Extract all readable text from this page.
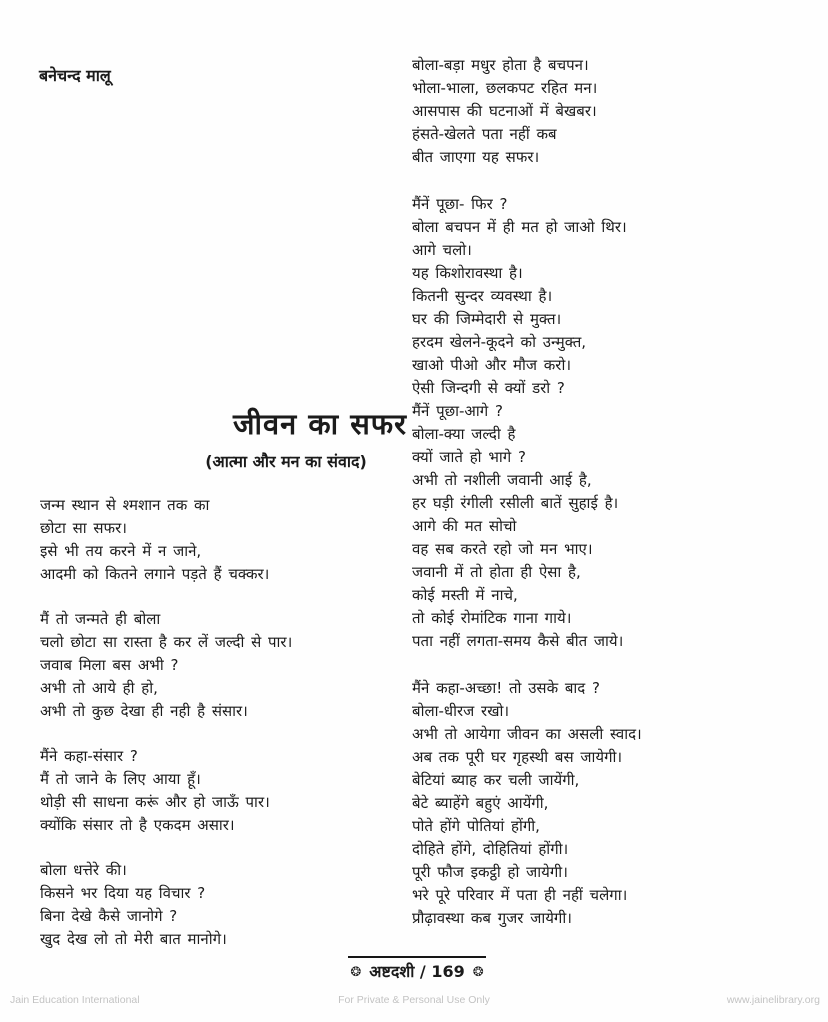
बनेचन्द मालू
जीवन का सफर
(आत्मा और मन का संवाद)
जन्म स्थान से श्मशान तक का
छोटा सा सफर।
इसे भी तय करने में न जाने,
आदमी को कितने लगाने पड़ते हैं चक्कर।
मैं तो जन्मते ही बोला
चलो छोटा सा रास्ता है कर लें जल्दी से पार।
जवाब मिला बस अभी ?
अभी तो आये ही हो,
अभी तो कुछ देखा ही नही है संसार।
मैंने कहा-संसार ?
मैं तो जाने के लिए आया हूँ।
थोड़ी सी साधना करूं और हो जाऊँ पार।
क्योंकि संसार तो है एकदम असार।
बोला धत्तेरे की।
किसने भर दिया यह विचार ?
बिना देखे कैसे जानोगे ?
खुद देख लो तो मेरी बात मानोगे।
बोला-बड़ा मधुर होता है बचपन।
भोला-भाला, छलकपट रहित मन।
आसपास की घटनाओं में बेखबर।
हंसते-खेलते पता नहीं कब
बीत जाएगा यह सफर।
मैंनें पूछा- फिर ?
बोला बचपन में ही मत हो जाओ थिर।
आगे चलो।
यह किशोरावस्था है।
कितनी सुन्दर व्यवस्था है।
घर की जिम्मेदारी से मुक्त।
हरदम खेलने-कूदने को उन्मुक्त,
खाओ पीओ और मौज करो।
ऐसी जिन्दगी से क्यों डरो ?
मैंनें पूछा-आगे ?
बोला-क्या जल्दी है
क्यों जाते हो भागे ?
अभी तो नशीली जवानी आई है,
हर घड़ी रंगीली रसीली बातें सुहाई है।
आगे की मत सोचो
वह सब करते रहो जो मन भाए।
जवानी में तो होता ही ऐसा है,
कोई मस्ती में नाचे,
तो कोई रोमांटिक गाना गाये।
पता नहीं लगता-समय कैसे बीत जाये।
मैंने कहा-अच्छा! तो उसके बाद ?
बोला-धीरज रखो।
अभी तो आयेगा जीवन का असली स्वाद।
अब तक पूरी घर गृहस्थी बस जायेगी।
बेटियां ब्याह कर चली जायेंगी,
बेटे ब्याहेंगे बहुएं आयेंगी,
पोते होंगे पोतियां होंगी,
दोहिते होंगे, दोहितियां होंगी।
पूरी फौज इकट्ठी हो जायेगी।
भरे पूरे परिवार में पता ही नहीं चलेगा।
प्रौढ़ावस्था कब गुजर जायेगी।
❂ अष्टदशी / 169 ❂
Jain Education International	For Private & Personal Use Only	www.jainelibrary.org
